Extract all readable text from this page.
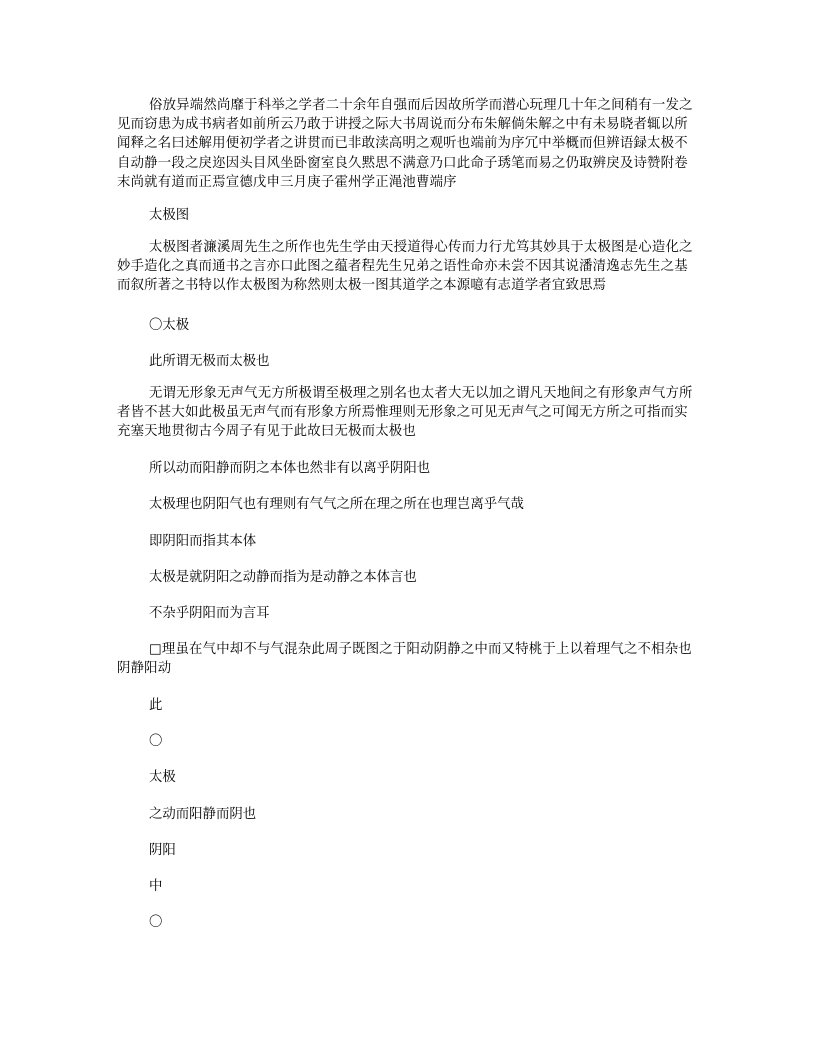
俗放异端然尚靡于科举之学者二十余年自强而后因故所学而潜心玩理几十年之间稍有一发之见而窃患为成书病者如前所云乃敢于讲授之际大书周说而分布朱解倘朱解之中有未易晓者辄以所闻释之名曰述解用便初学者之讲贯而已非敢渎高明之观听也端前为序冗中举概而但辨语録太极不自动静一段之戾迩因头目风坐卧窗室良久黙思不满意乃口此命子琇笔而易之仍取辨戾及诗赞附卷末尚就有道而正焉宣德戊申三月庚子霍州学正渑池曹端序

太极图

太极图者濂溪周先生之所作也先生学由天授道得心传而力行尤笃其妙具于太极图是心造化之妙手造化之真而通书之言亦口此图之蕴者程先生兄弟之语性命亦未尝不因其说潘清逸志先生之基而叙所著之书特以作太极图为称然则太极一图其道学之本源噫有志道学者宜致思焉

〇太极

此所谓无极而太极也

无谓无形象无声气无方所极谓至极理之别名也太者大无以加之谓凡天地间之有形象声气方所者皆不甚大如此极虽无声气而有形象方所焉惟理则无形象之可见无声气之可闻无方所之可指而实充塞天地贯彻古今周子有见于此故曰无极而太极也

所以动而阳静而阴之本体也然非有以离乎阴阳也

太极理也阴阳气也有理则有气气之所在理之所在也理岂离乎气哉

即阴阳而指其本体

太极是就阴阳之动静而指为是动静之本体言也

不杂乎阴阳而为言耳

□理虽在气中却不与气混杂此周子既图之于阳动阴静之中而又特桃于上以着理气之不相杂也阴静阳动

此

〇

太极

之动而阳静而阴也

阴阳

中

〇
